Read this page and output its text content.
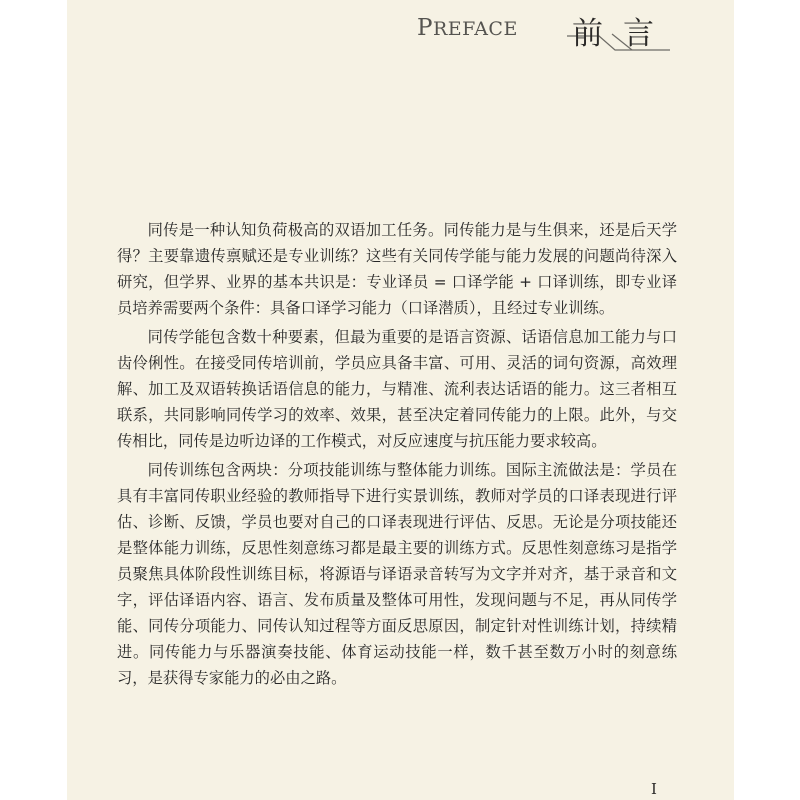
PREFACE 前言

同传是一种认知负荷极高的双语加工任务。同传能力是与生俱来，还是后天学得？主要靠遗传禀赋还是专业训练？这些有关同传学能与能力发展的问题尚待深入研究，但学界、业界的基本共识是：专业译员 = 口译学能 + 口译训练，即专业译员培养需要两个条件：具备口译学习能力（口译潜质），且经过专业训练。

同传学能包含数十种要素，但最为重要的是语言资源、话语信息加工能力与口齿伶俐性。在接受同传培训前，学员应具备丰富、可用、灵活的词句资源，高效理解、加工及双语转换话语信息的能力，与精准、流利表达话语的能力。这三者相互联系，共同影响同传学习的效率、效果，甚至决定着同传能力的上限。此外，与交传相比，同传是边听边译的工作模式，对反应速度与抗压能力要求较高。

同传训练包含两块：分项技能训练与整体能力训练。国际主流做法是：学员在具有丰富同传职业经验的教师指导下进行实景训练，教师对学员的口译表现进行评估、诊断、反馈，学员也要对自己的口译表现进行评估、反思。无论是分项技能还是整体能力训练，反思性刻意练习都是最主要的训练方式。反思性刻意练习是指学员聚焦具体阶段性训练目标，将源语与译语录音转写为文字并对齐，基于录音和文字，评估译语内容、语言、发布质量及整体可用性，发现问题与不足，再从同传学能、同传分项能力、同传认知过程等方面反思原因，制定针对性训练计划，持续精进。同传能力与乐器演奏技能、体育运动技能一样，数千甚至数万小时的刻意练习，是获得专家能力的必由之路。

I
